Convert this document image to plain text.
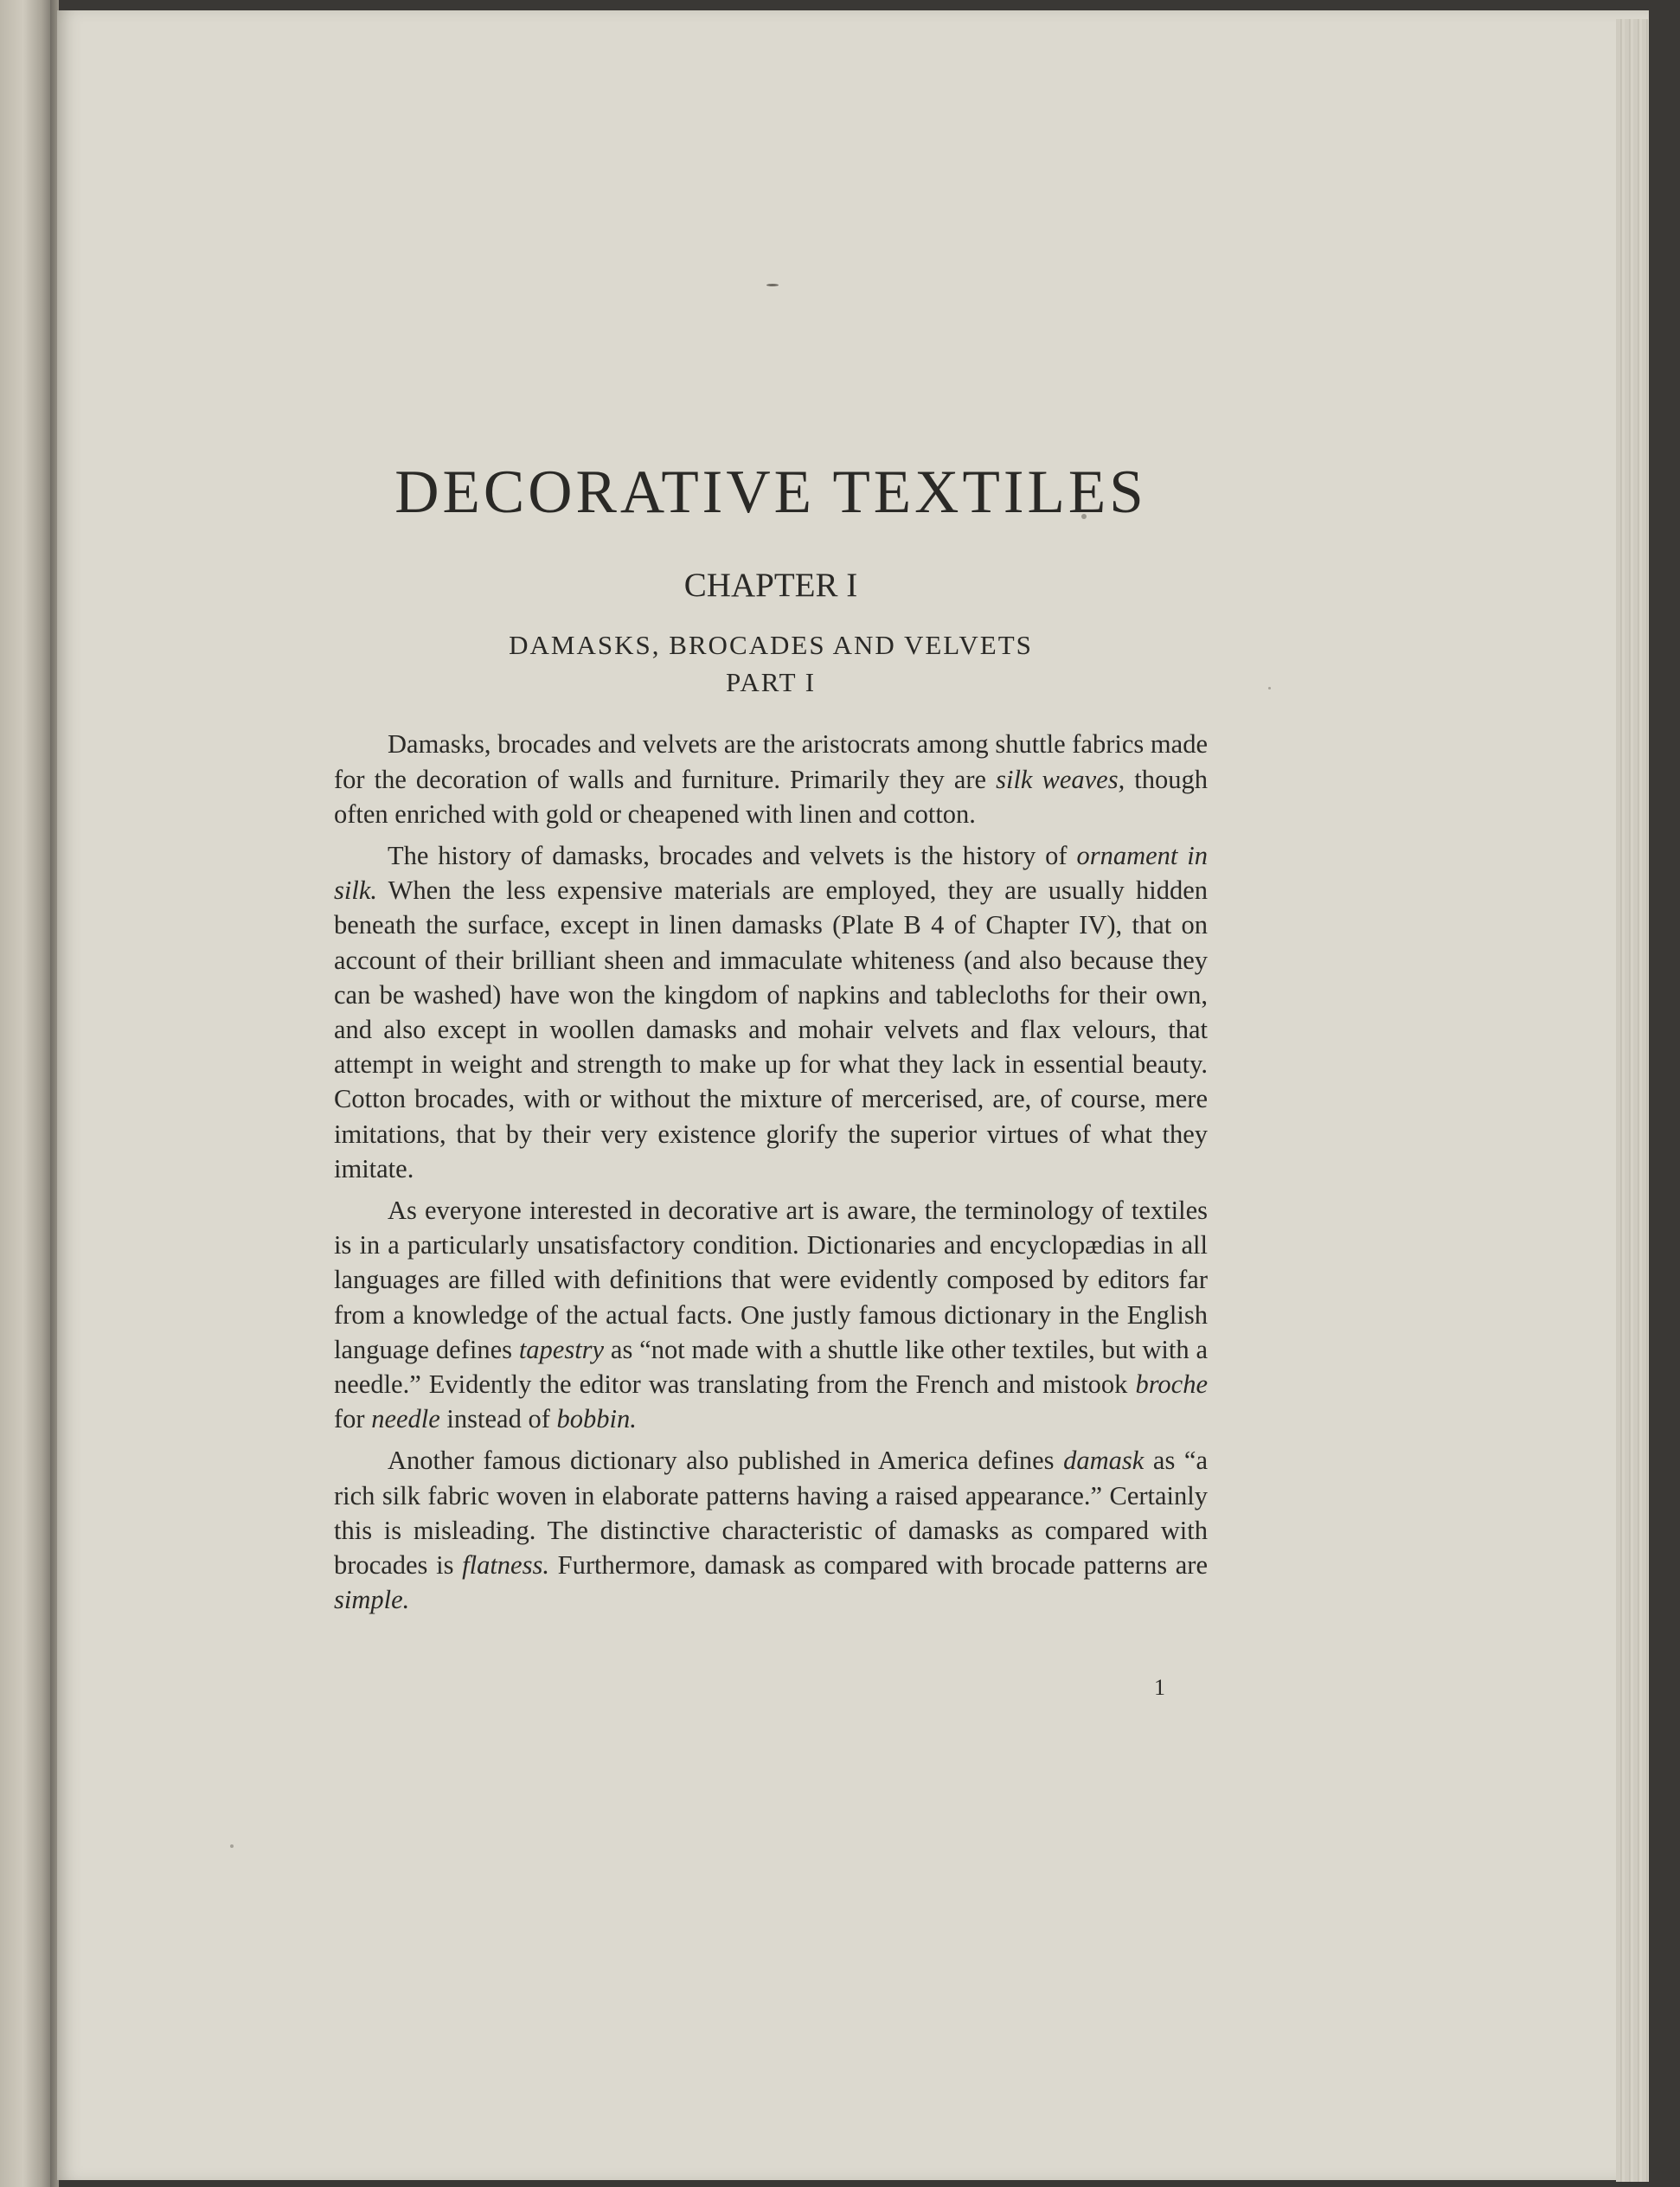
DECORATIVE TEXTILES
CHAPTER I
DAMASKS, BROCADES AND VELVETS
PART I

Damasks, brocades and velvets are the aristocrats among shuttle fabrics made for the decoration of walls and furniture. Primarily they are silk weaves, though often enriched with gold or cheapened with linen and cotton.

The history of damasks, brocades and velvets is the history of ornament in silk. When the less expensive materials are employed, they are usually hidden beneath the surface, except in linen damasks (Plate B 4 of Chapter IV), that on account of their brilliant sheen and immaculate whiteness (and also because they can be washed) have won the kingdom of napkins and tablecloths for their own, and also except in woollen damasks and mohair velvets and flax velours, that attempt in weight and strength to make up for what they lack in essential beauty. Cotton brocades, with or without the mixture of mercerised, are, of course, mere imitations, that by their very existence glorify the superior virtues of what they imitate.

As everyone interested in decorative art is aware, the terminology of textiles is in a particularly unsatisfactory condition. Dictionaries and encyclopædias in all languages are filled with definitions that were evidently composed by editors far from a knowledge of the actual facts. One justly famous dictionary in the English language defines tapestry as “not made with a shuttle like other textiles, but with a needle.” Evidently the editor was translating from the French and mistook broche for needle instead of bobbin.

Another famous dictionary also published in America defines damask as “a rich silk fabric woven in elaborate patterns having a raised appearance.” Certainly this is misleading. The distinctive characteristic of damasks as compared with brocades is flatness. Furthermore, damask as compared with brocade patterns are simple.

1
